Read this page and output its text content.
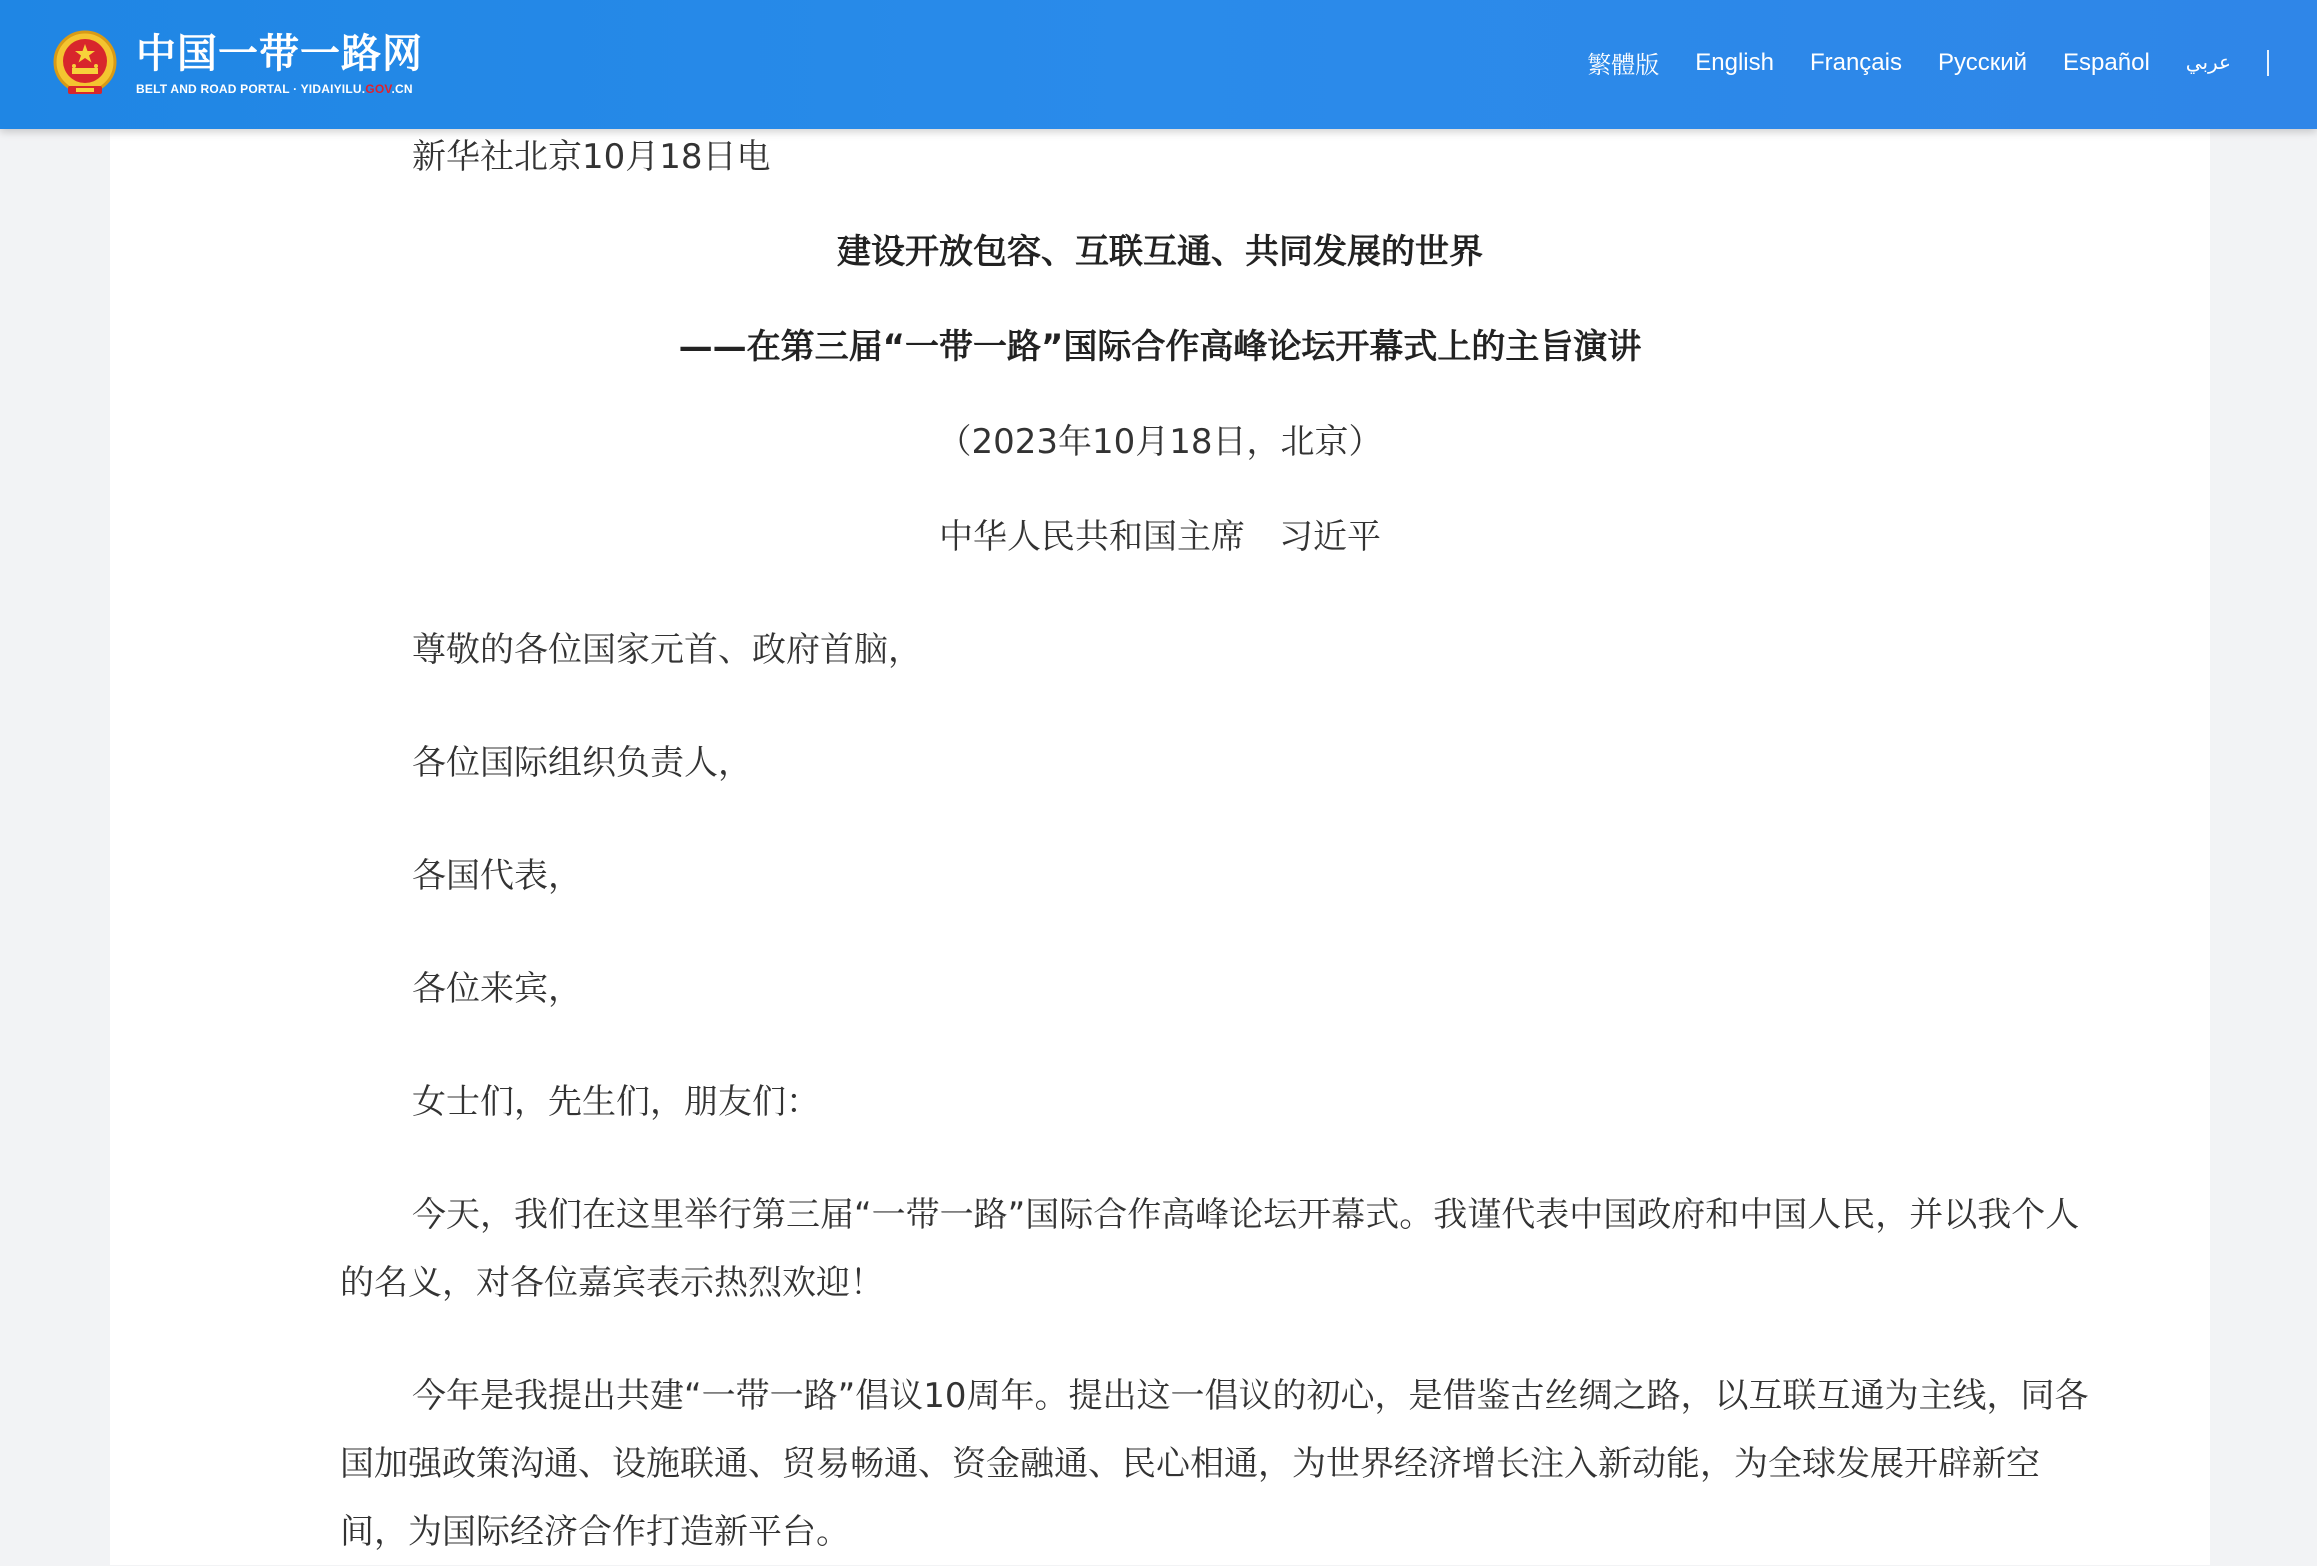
中国一带一路网
BELT AND ROAD PORTAL · YIDAIYILU.GOV.CN
繁體版 English Français Русский Español عربي

新华社北京10月18日电

建设开放包容、互联互通、共同发展的世界

——在第三届“一带一路”国际合作高峰论坛开幕式上的主旨演讲

（2023年10月18日，北京）

中华人民共和国主席　习近平

尊敬的各位国家元首、政府首脑，

各位国际组织负责人，

各国代表，

各位来宾，

女士们，先生们，朋友们：

今天，我们在这里举行第三届“一带一路”国际合作高峰论坛开幕式。我谨代表中国政府和中国人民，并以我个人

的名义，对各位嘉宾表示热烈欢迎！

今年是我提出共建“一带一路”倡议10周年。提出这一倡议的初心，是借鉴古丝绸之路，以互联互通为主线，同各

国加强政策沟通、设施联通、贸易畅通、资金融通、民心相通，为世界经济增长注入新动能，为全球发展开辟新空

间，为国际经济合作打造新平台。
